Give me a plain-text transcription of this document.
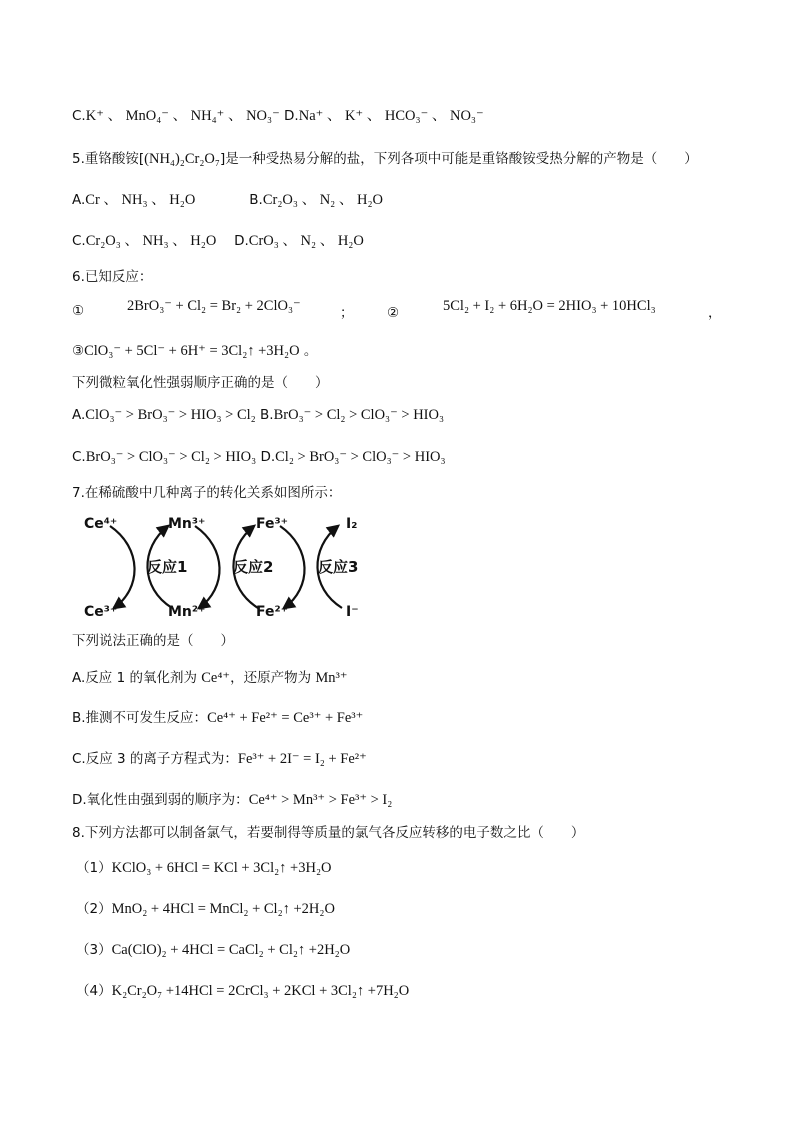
C.K⁺ 、 MnO₄⁻ 、 NH₄⁺ 、 NO₃⁻ D.Na⁺ 、 K⁺ 、 HCO₃⁻ 、 NO₃⁻
5.重铬酸铵[(NH₄)₂Cr₂O₇]是一种受热易分解的盐，下列各项中可能是重铬酸铵受热分解的产物是（　　）
A.Cr 、 NH₃ 、 H₂O　　　　	B.Cr₂O₃ 、 N₂ 、 H₂O
C.Cr₂O₃ 、 NH₃ 、 H₂O　 D.CrO₃ 、 N₂ 、 H₂O
6.已知反应：
①	2BrO₃⁻ + Cl₂ = Br₂ + 2ClO₃⁻	； ②	5Cl₂ + I₂ + 6H₂O = 2HIO₃ + 10HCl₃	，
③ClO₃⁻ + 5Cl⁻ + 6H⁺ = 3Cl₂↑ +3H₂O 。
下列微粒氧化性强弱顺序正确的是（　　）
A.ClO₃⁻ > BrO₃⁻ > HIO₃ > Cl₂ B.BrO₃⁻ > Cl₂ > ClO₃⁻ > HIO₃
C.BrO₃⁻ > ClO₃⁻ > Cl₂ > HIO₃ D.Cl₂ > BrO₃⁻ > ClO₃⁻ > HIO₃
7.在稀硫酸中几种离子的转化关系如图所示：
下列说法正确的是（　　）
A.反应 1 的氧化剂为 Ce⁴⁺，还原产物为 Mn³⁺
B.推测不可发生反应：Ce⁴⁺ + Fe²⁺ = Ce³⁺ + Fe³⁺
C.反应 3 的离子方程式为：Fe³⁺ + 2I⁻ = I₂ + Fe²⁺
D.氧化性由强到弱的顺序为：Ce⁴⁺ > Mn³⁺ > Fe³⁺ > I₂
8.下列方法都可以制备氯气，若要制得等质量的氯气各反应转移的电子数之比（　　）
（1）KClO₃ + 6HCl = KCl + 3Cl₂↑ +3H₂O
（2）MnO₂ + 4HCl = MnCl₂ + Cl₂↑ +2H₂O
（3）Ca(ClO)₂ + 4HCl = CaCl₂ + Cl₂↑ +2H₂O
（4）K₂Cr₂O₇ +14HCl = 2CrCl₃ + 2KCl + 3Cl₂↑ +7H₂O
Ce⁴⁺	Mn³⁺	Fe³⁺	I₂
Ce³⁺	Mn²⁺	Fe²⁺	I⁻
反应1	反应2	反应3
